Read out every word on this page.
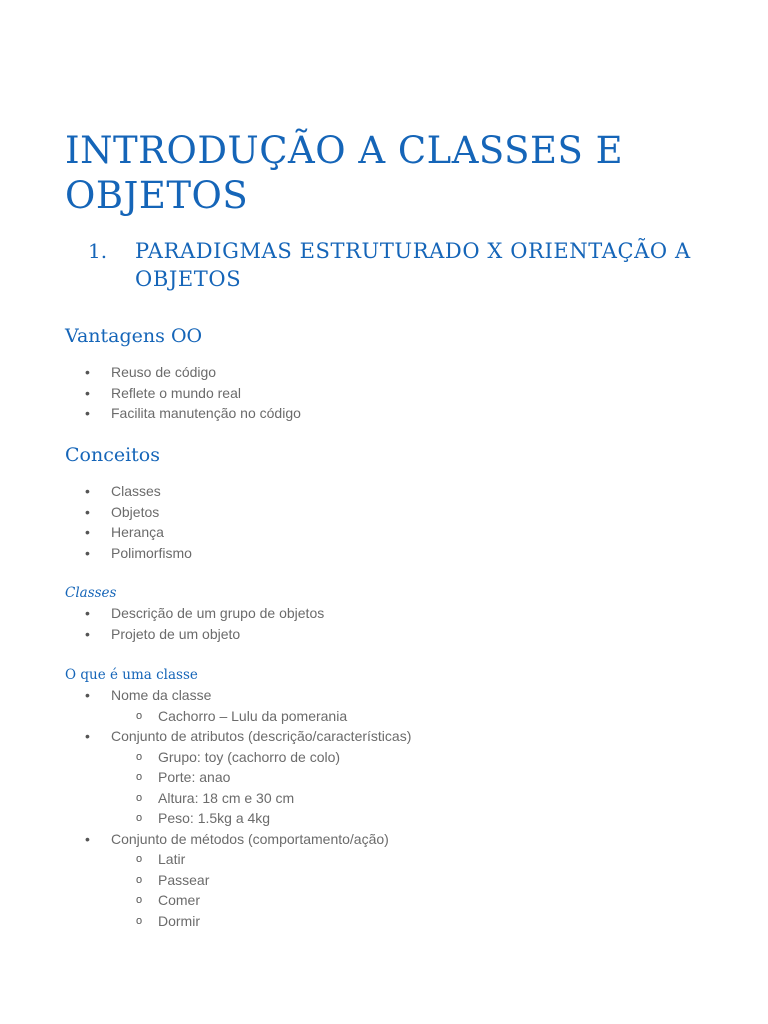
INTRODUÇÃO A CLASSES E OBJETOS
1. PARADIGMAS ESTRUTURADO X ORIENTAÇÃO A OBJETOS
Vantagens OO
• Reuso de código
• Reflete o mundo real
• Facilita manutenção no código
Conceitos
• Classes
• Objetos
• Herança
• Polimorfismo
Classes
• Descrição de um grupo de objetos
• Projeto de um objeto
O que é uma classe
• Nome da classe
o Cachorro – Lulu da pomerania
• Conjunto de atributos (descrição/características)
o Grupo: toy (cachorro de colo)
o Porte: anao
o Altura: 18 cm e 30 cm
o Peso: 1.5kg a 4kg
• Conjunto de métodos (comportamento/ação)
o Latir
o Passear
o Comer
o Dormir
